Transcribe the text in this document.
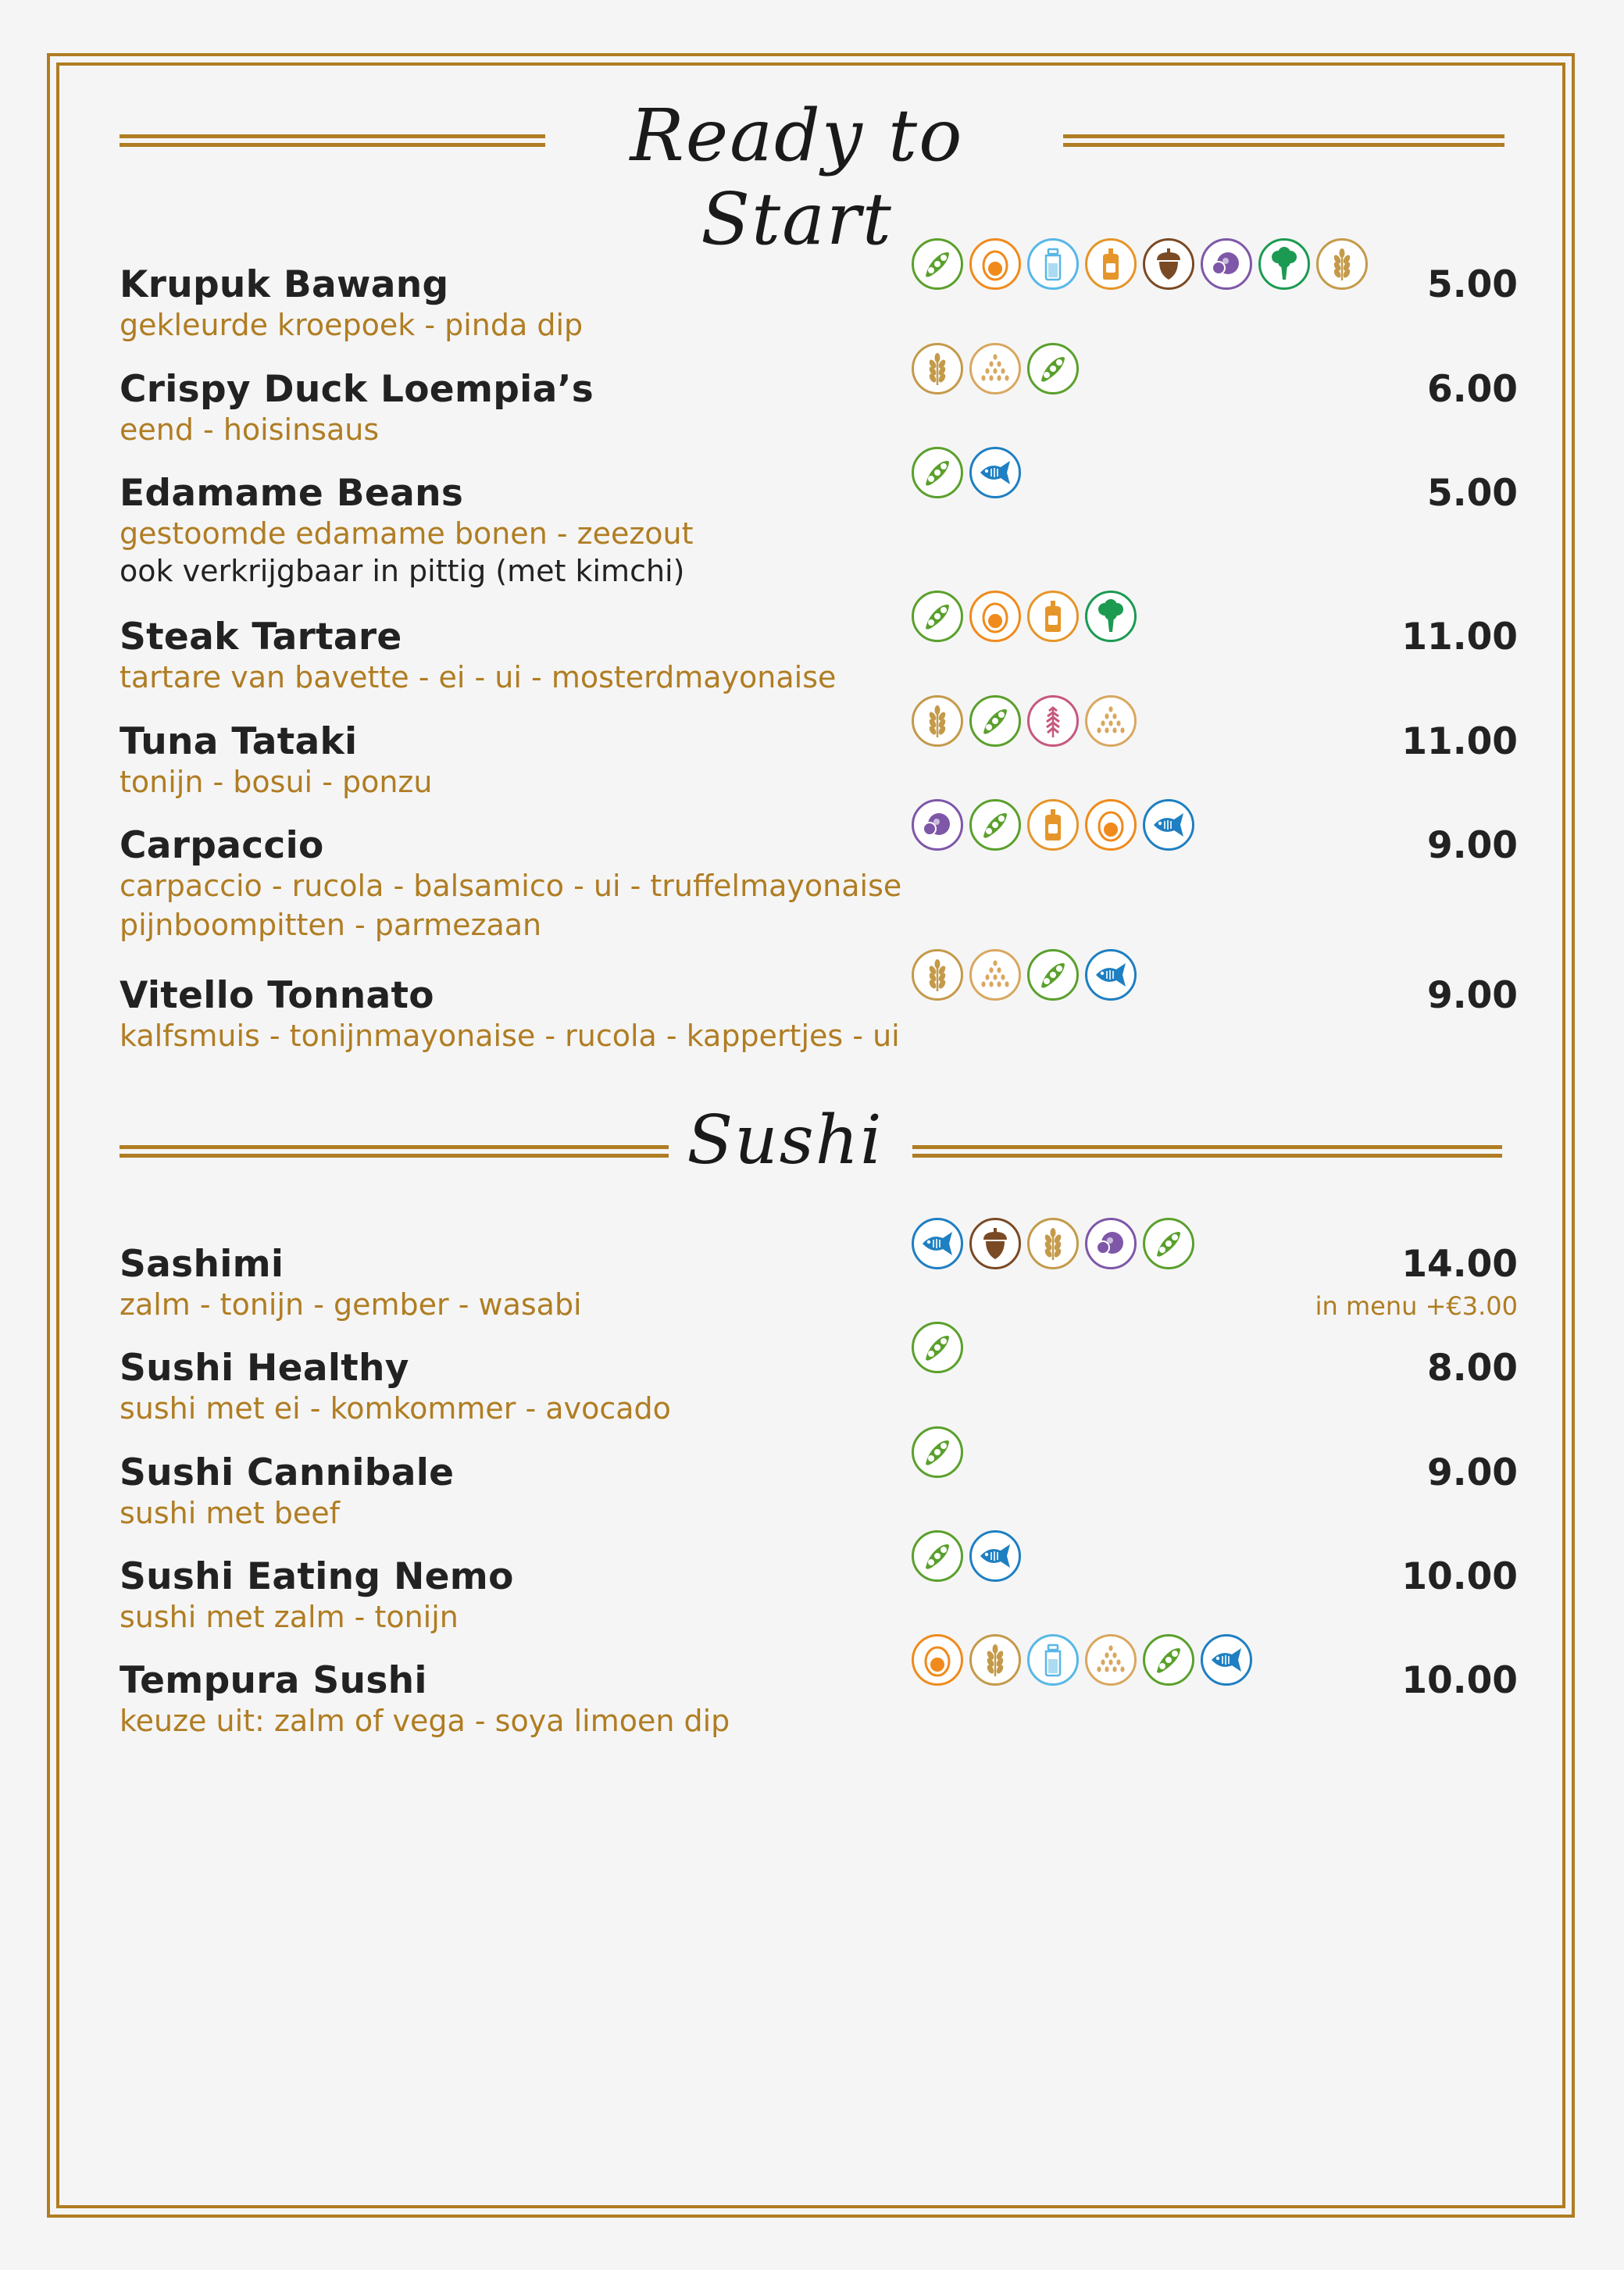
Ready to Start
Sushi
Krupuk Bawang
gekleurde kroepoek - pinda dip
5.00
Crispy Duck Loempia’s
eend - hoisinsaus
6.00
Edamame Beans
gestoomde edamame bonen - zeezout
ook verkrijgbaar in pittig (met kimchi)
5.00
Steak Tartare
tartare van bavette - ei - ui - mosterdmayonaise
11.00
Tuna Tataki
tonijn - bosui - ponzu
11.00
Carpaccio
carpaccio - rucola - balsamico - ui - truffelmayonaise
pijnboompitten - parmezaan
9.00
Vitello Tonnato
kalfsmuis - tonijnmayonaise - rucola - kappertjes - ui
9.00
Sashimi
zalm - tonijn - gember - wasabi
14.00
in menu +€3.00
Sushi Healthy
sushi met ei - komkommer - avocado
8.00
Sushi Cannibale
sushi met beef
9.00
Sushi Eating Nemo
sushi met zalm - tonijn
10.00
Tempura Sushi
keuze uit: zalm of vega - soya limoen dip
10.00
